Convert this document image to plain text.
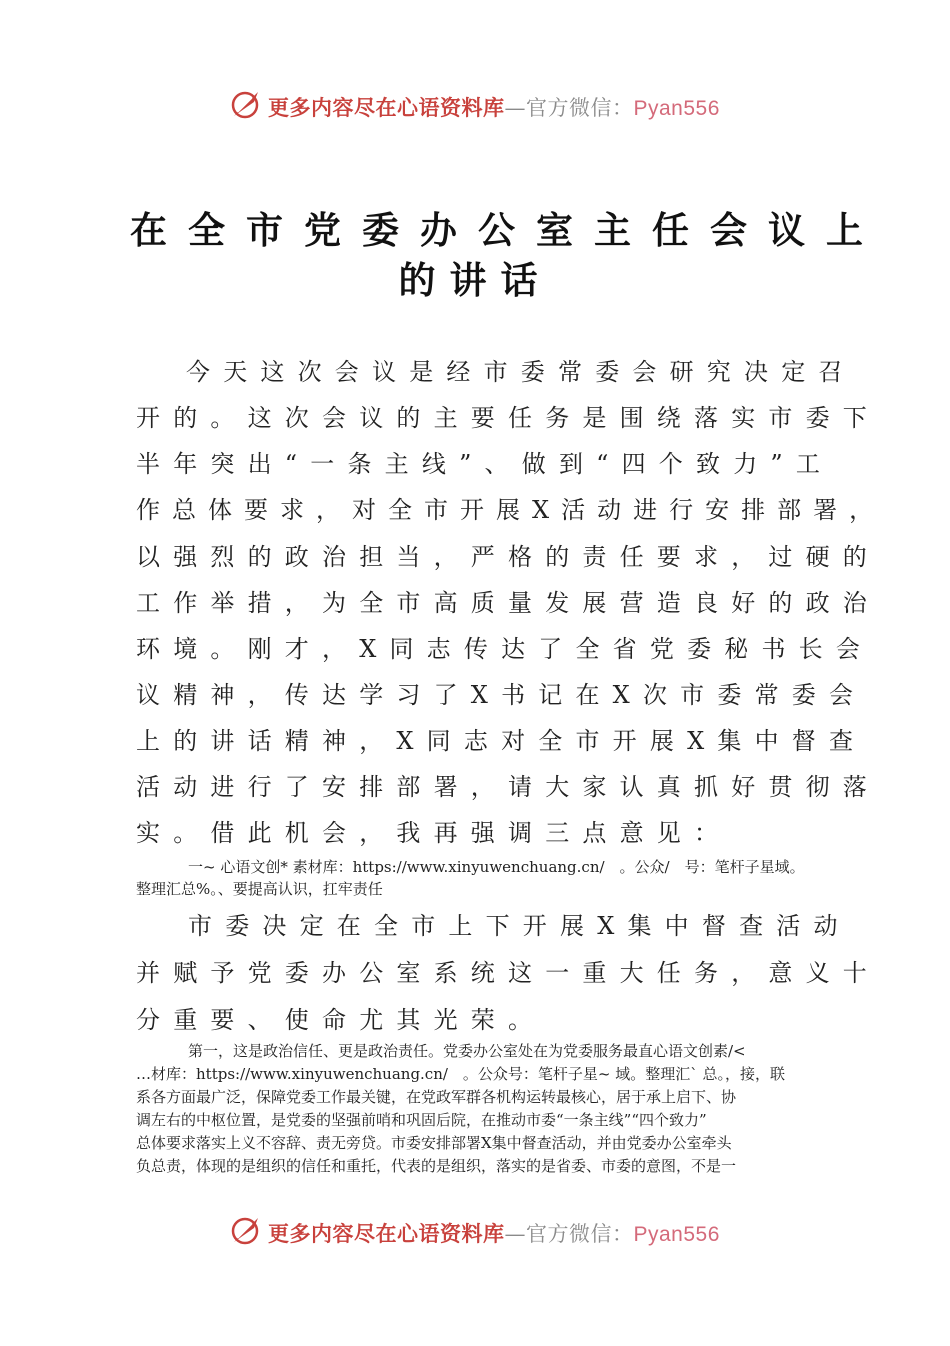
更多内容尽在心语资料库—官方微信：Pyan556
在全市党委办公室主任会议上
的讲话
今天这次会议是经市委常委会研究决定召
开的。这次会议的主要任务是围绕落实市委下
半年突出“一条主线”、做到“四个致力”工
作总体要求，对全市开展X活动进行安排部署，
以强烈的政治担当，严格的责任要求，过硬的
工作举措，为全市高质量发展营造良好的政治
环境。刚才，X同志传达了全省党委秘书长会
议精神，传达学习了X书记在X次市委常委会
上的讲话精神，X同志对全市开展X集中督查
活动进行了安排部署，请大家认真抓好贯彻落
实。借此机会，我再强调三点意见：
一~ 心语文创* 素材库：https://www.xinyuwenchuang.cn/　。公众/　号：笔杆子星域。
整理汇总%。、要提高认识，扛牢责任
市委决定在全市上下开展X集中督查活动
并赋予党委办公室系统这一重大任务，意义十
分重要、使命尤其光荣。
第一，这是政治信任、更是政治责任。党委办公室处在为党委服务最直心语文创素/<
…材库：https://www.xinyuwenchuang.cn/　。公众号：笔杆子星~ 域。整理汇` 总。，接，联
系各方面最广泛，保障党委工作最关键，在党政军群各机构运转最核心，居于承上启下、协
调左右的中枢位置，是党委的坚强前哨和巩固后院，在推动市委“一条主线”“四个致力”
总体要求落实上义不容辞、责无旁贷。市委安排部署X集中督查活动，并由党委办公室牵头
负总责，体现的是组织的信任和重托，代表的是组织，落实的是省委、市委的意图，不是一
更多内容尽在心语资料库—官方微信：Pyan556
